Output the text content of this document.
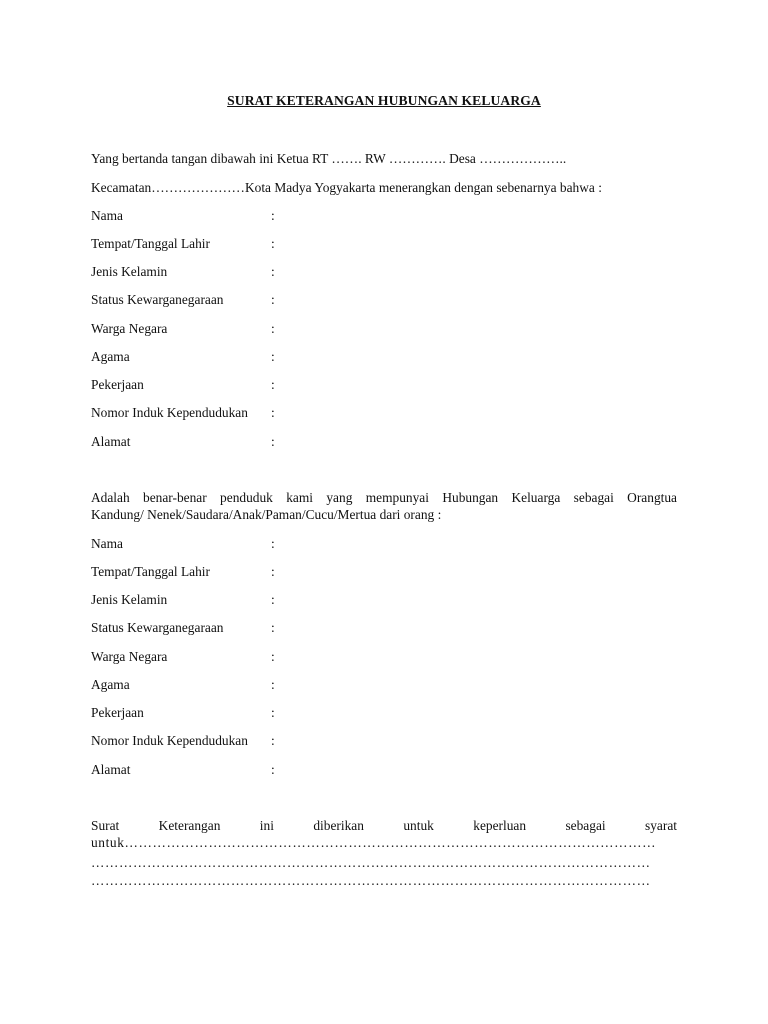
SURAT KETERANGAN HUBUNGAN KELUARGA
Yang bertanda tangan dibawah ini Ketua RT ……. RW …………. Desa ………………..
Kecamatan…………………Kota Madya Yogyakarta menerangkan dengan sebenarnya bahwa :
Nama	:
Tempat/Tanggal Lahir	:
Jenis Kelamin	:
Status Kewarganegaraan	:
Warga Negara	:
Agama	:
Pekerjaan	:
Nomor Induk Kependudukan :
Alamat	:
Adalah benar-benar penduduk kami yang mempunyai Hubungan Keluarga sebagai Orangtua
Kandung/ Nenek/Saudara/Anak/Paman/Cucu/Mertua dari orang :
Nama	:
Tempat/Tanggal Lahir	:
Jenis Kelamin	:
Status Kewarganegaraan	:
Warga Negara	:
Agama	:
Pekerjaan	:
Nomor Induk Kependudukan :
Alamat	:
Surat Keterangan ini diberikan untuk keperluan sebagai syarat
untuk……………………………………………………………………………………………………
…………………………………………………………………………………………………………
…………………………………………………………………………………………………………
